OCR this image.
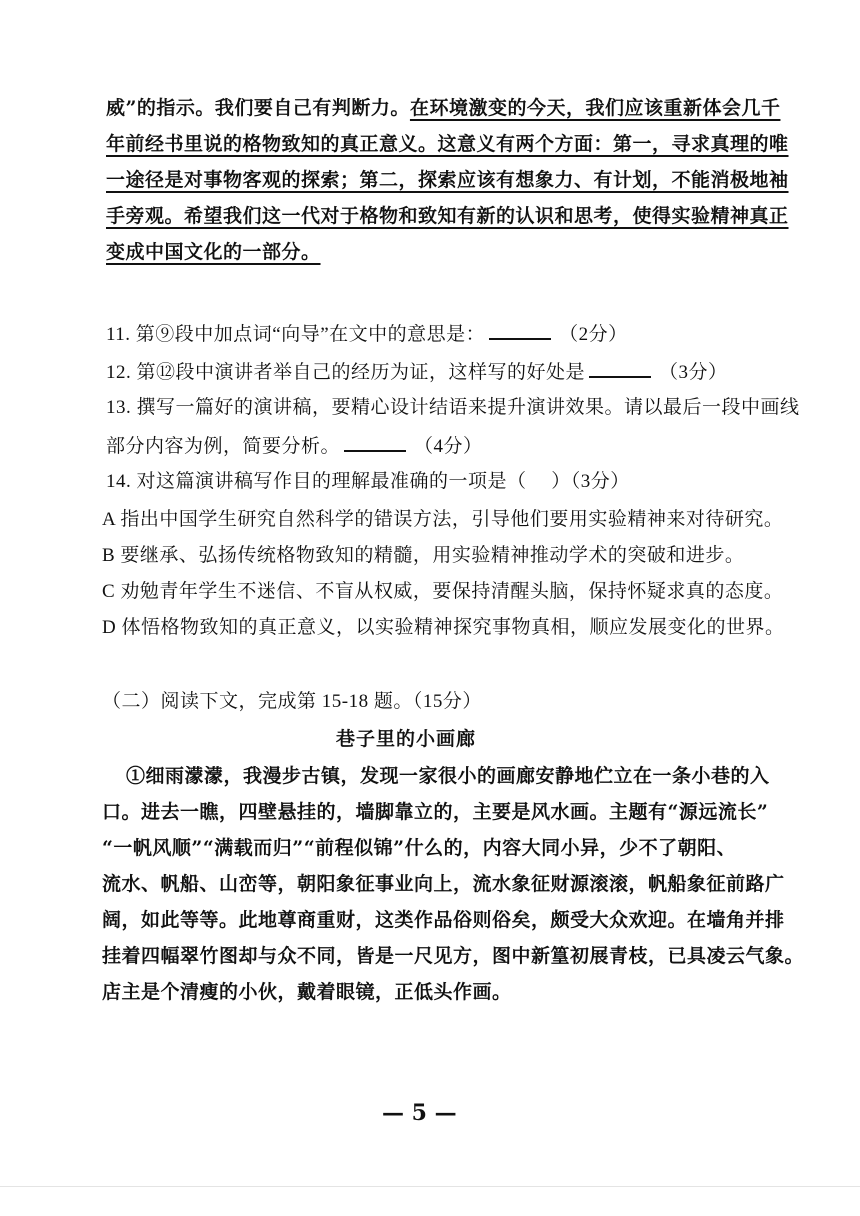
威”的指示。我们要自己有判断力。在环境激变的今天，我们应该重新体会几千
年前经书里说的格物致知的真正意义。这意义有两个方面：第一，寻求真理的唯
一途径是对事物客观的探索；第二，探索应该有想象力、有计划，不能消极地袖
手旁观。希望我们这一代对于格物和致知有新的认识和思考，使得实验精神真正
变成中国文化的一部分。
11. 第⑨段中加点词“向导”在文中的意思是：	（2分）
12. 第⑫段中演讲者举自己的经历为证，这样写的好处是	（3分）
13. 撰写一篇好的演讲稿，要精心设计结语来提升演讲效果。请以最后一段中画线
部分内容为例，简要分析。	（4分）
14. 对这篇演讲稿写作目的理解最准确的一项是（　 ）（3分）
A 指出中国学生研究自然科学的错误方法，引导他们要用实验精神来对待研究。
B 要继承、弘扬传统格物致知的精髓，用实验精神推动学术的突破和进步。
C 劝勉青年学生不迷信、不盲从权威，要保持清醒头脑，保持怀疑求真的态度。
D 体悟格物致知的真正意义，以实验精神探究事物真相，顺应发展变化的世界。
（二）阅读下文，完成第 15-18 题。（15分）
巷子里的小画廊
①细雨濛濛，我漫步古镇，发现一家很小的画廊安静地伫立在一条小巷的入
口。进去一瞧，四壁悬挂的，墙脚靠立的，主要是风水画。主题有“源远流长”
“一帆风顺”“满载而归”“前程似锦”什么的，内容大同小异，少不了朝阳、
流水、帆船、山峦等，朝阳象征事业向上，流水象征财源滚滚，帆船象征前路广
阔，如此等等。此地尊商重财，这类作品俗则俗矣，颇受大众欢迎。在墙角并排
挂着四幅翠竹图却与众不同，皆是一尺见方，图中新篁初展青枝，已具凌云气象。
店主是个清瘦的小伙，戴着眼镜，正低头作画。
— 5 —
